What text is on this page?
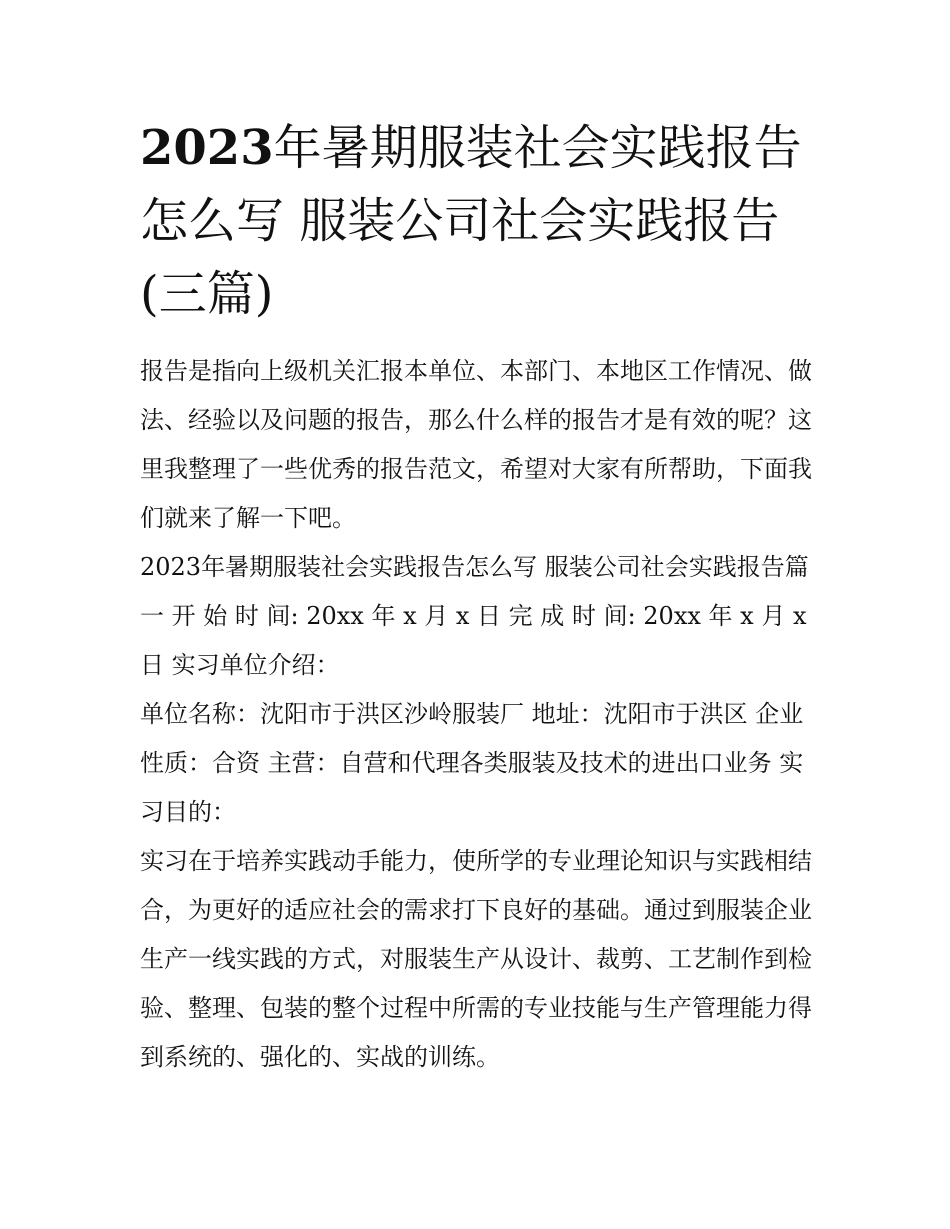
2023年暑期服装社会实践报告怎么写 服装公司社会实践报告(三篇)

报告是指向上级机关汇报本单位、本部门、本地区工作情况、做法、经验以及问题的报告，那么什么样的报告才是有效的呢？这里我整理了一些优秀的报告范文，希望对大家有所帮助，下面我们就来了解一下吧。

2023年暑期服装社会实践报告怎么写 服装公司社会实践报告篇一 开 始 时 间: 20xx 年 x 月 x 日 完 成 时 间: 20xx 年 x 月 x 日 实习单位介绍：

单位名称：沈阳市于洪区沙岭服装厂 地址：沈阳市于洪区 企业性质：合资 主营：自营和代理各类服装及技术的进出口业务 实习目的：

实习在于培养实践动手能力，使所学的专业理论知识与实践相结合，为更好的适应社会的需求打下良好的基础。通过到服装企业生产一线实践的方式，对服装生产从设计、裁剪、工艺制作到检验、整理、包装的整个过程中所需的专业技能与生产管理能力得到系统的、强化的、实战的训练。
